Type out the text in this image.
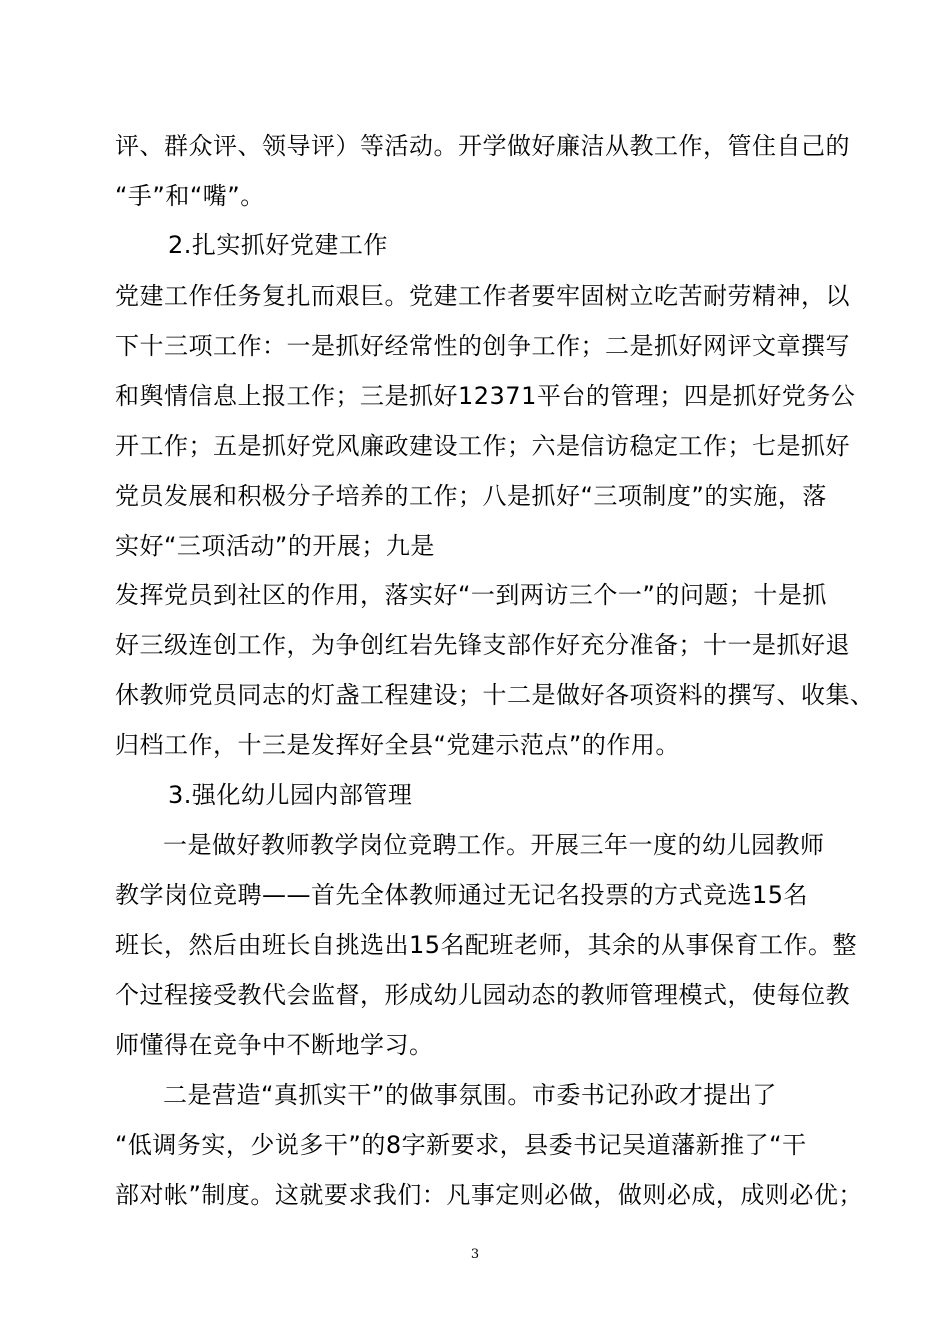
评、群众评、领导评）等活动。开学做好廉洁从教工作，管住自己的
“手”和“嘴”。
2.扎实抓好党建工作
党建工作任务复扎而艰巨。党建工作者要牢固树立吃苦耐劳精神，以
下十三项工作：一是抓好经常性的创争工作；二是抓好网评文章撰写
和舆情信息上报工作；三是抓好12371平台的管理；四是抓好党务公
开工作；五是抓好党风廉政建设工作；六是信访稳定工作；七是抓好
党员发展和积极分子培养的工作；八是抓好“三项制度”的实施，落
实好“三项活动”的开展；九是
发挥党员到社区的作用，落实好“一到两访三个一”的问题；十是抓
好三级连创工作，为争创红岩先锋支部作好充分准备；十一是抓好退
休教师党员同志的灯盏工程建设；十二是做好各项资料的撰写、收集、
归档工作，十三是发挥好全县“党建示范点”的作用。
3.强化幼儿园内部管理
一是做好教师教学岗位竞聘工作。开展三年一度的幼儿园教师
教学岗位竞聘——首先全体教师通过无记名投票的方式竞选15名
班长，然后由班长自挑选出15名配班老师，其余的从事保育工作。整
个过程接受教代会监督，形成幼儿园动态的教师管理模式，使每位教
师懂得在竞争中不断地学习。
二是营造“真抓实干”的做事氛围。市委书记孙政才提出了
“低调务实，少说多干”的8字新要求，县委书记吴道藩新推了“干
部对帐”制度。这就要求我们：凡事定则必做，做则必成，成则必优；
3
